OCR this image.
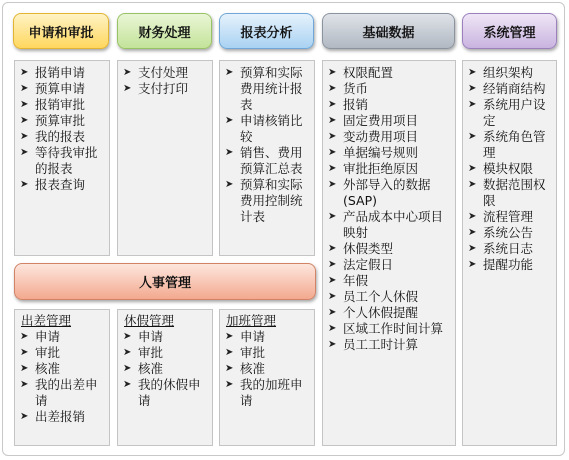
申请和审批	财务处理	报表分析	基础数据	系统管理
➤ 报销申请
➤ 预算申请
➤ 报销审批
➤ 预算审批
➤ 我的报表
➤ 等待我审批的报表
➤ 报表查询
➤ 支付处理
➤ 支付打印
➤ 预算和实际费用统计报表
➤ 申请核销比较
➤ 销售、费用预算汇总表
➤ 预算和实际费用控制统计表
➤ 权限配置
➤ 货币
➤ 报销
➤ 固定费用项目
➤ 变动费用项目
➤ 单据编号规则
➤ 审批拒绝原因
➤ 外部导入的数据(SAP)
➤ 产品成本中心项目映射
➤ 休假类型
➤ 法定假日
➤ 年假
➤ 员工个人休假
➤ 个人休假提醒
➤ 区域工作时间计算
➤ 员工工时计算
➤ 组织架构
➤ 经销商结构
➤ 系统用户设定
➤ 系统角色管理
➤ 模块权限
➤ 数据范围权限
➤ 流程管理
➤ 系统公告
➤ 系统日志
➤ 提醒功能
人事管理
出差管理
➤ 申请
➤ 审批
➤ 核准
➤ 我的出差申请
➤ 出差报销
休假管理
➤ 申请
➤ 审批
➤ 核准
➤ 我的休假申请
加班管理
➤ 申请
➤ 审批
➤ 核准
➤ 我的加班申请
